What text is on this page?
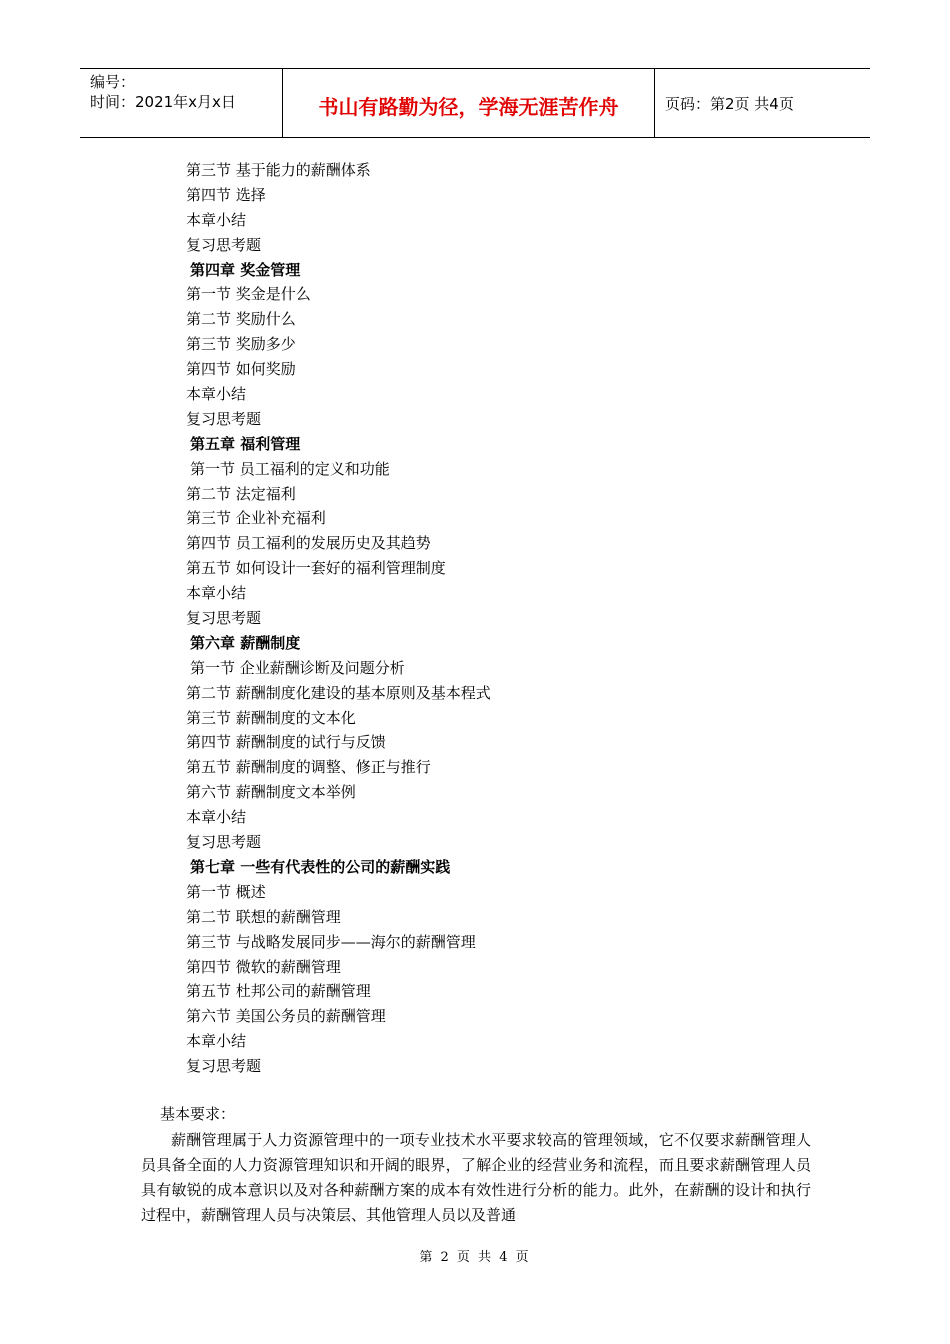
编号：
时间：2021年x月x日	书山有路勤为径，学海无涯苦作舟	页码：第2页 共4页
第三节 基于能力的薪酬体系
第四节 选择
本章小结
复习思考题
第四章 奖金管理
第一节 奖金是什么
第二节 奖励什么
第三节 奖励多少
第四节 如何奖励
本章小结
复习思考题
第五章 福利管理
第一节 员工福利的定义和功能
第二节 法定福利
第三节 企业补充福利
第四节 员工福利的发展历史及其趋势
第五节 如何设计一套好的福利管理制度
本章小结
复习思考题
第六章 薪酬制度
第一节 企业薪酬诊断及问题分析
第二节 薪酬制度化建设的基本原则及基本程式
第三节 薪酬制度的文本化
第四节 薪酬制度的试行与反馈
第五节 薪酬制度的调整、修正与推行
第六节 薪酬制度文本举例
本章小结
复习思考题
第七章 一些有代表性的公司的薪酬实践
第一节 概述
第二节 联想的薪酬管理
第三节 与战略发展同步——海尔的薪酬管理
第四节 微软的薪酬管理
第五节 杜邦公司的薪酬管理
第六节 美国公务员的薪酬管理
本章小结
复习思考题
基本要求：

薪酬管理属于人力资源管理中的一项专业技术水平要求较高的管理领域，它不仅要求薪酬管理人员具备全面的人力资源管理知识和开阔的眼界，了解企业的经营业务和流程，而且要求薪酬管理人员具有敏锐的成本意识以及对各种薪酬方案的成本有效性进行分析的能力。此外，在薪酬的设计和执行过程中，薪酬管理人员与决策层、其他管理人员以及普通

第 2 页 共 4 页
